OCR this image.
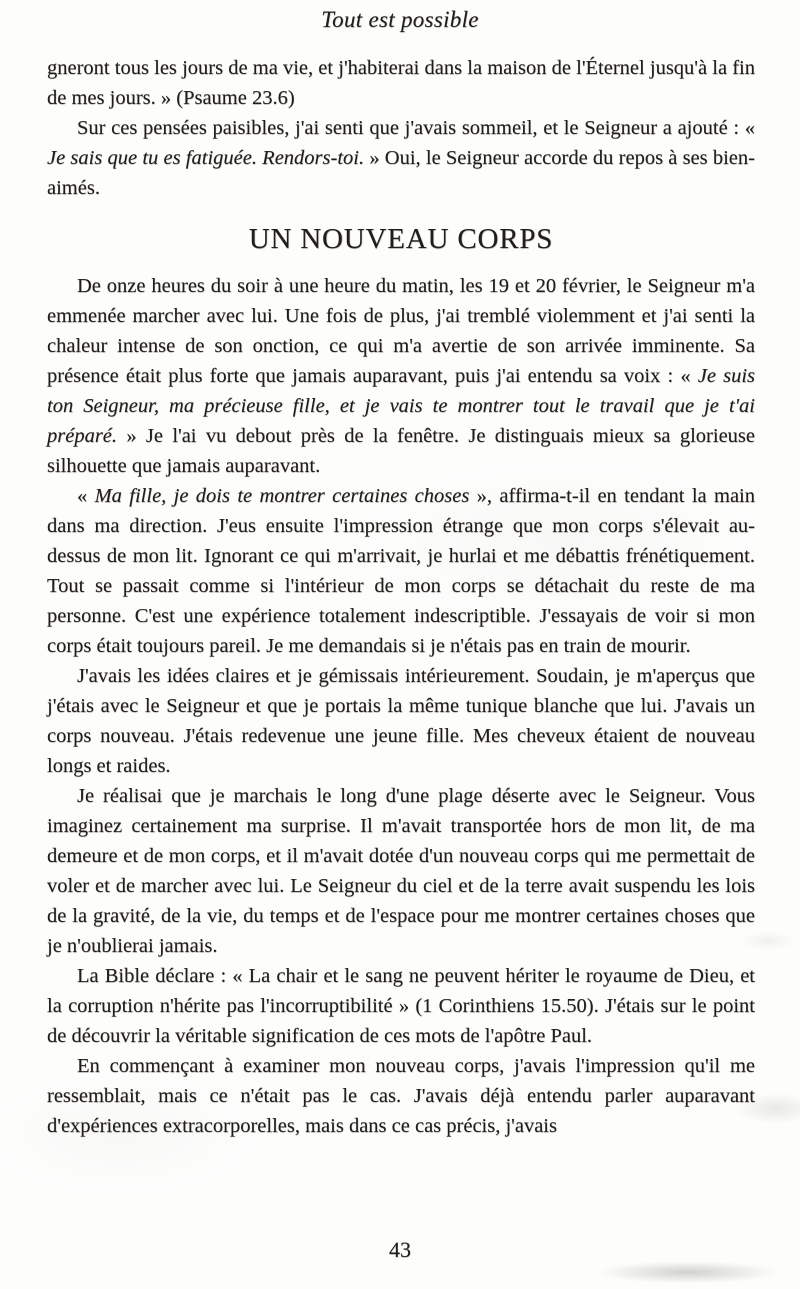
Tout est possible

gneront tous les jours de ma vie, et j'habiterai dans la maison de l'Éternel jusqu'à la fin de mes jours. » (Psaume 23.6)

Sur ces pensées paisibles, j'ai senti que j'avais sommeil, et le Seigneur a ajouté : « Je sais que tu es fatiguée. Rendors-toi. » Oui, le Seigneur accorde du repos à ses bien-aimés.

UN NOUVEAU CORPS

De onze heures du soir à une heure du matin, les 19 et 20 février, le Seigneur m'a emmenée marcher avec lui. Une fois de plus, j'ai tremblé violemment et j'ai senti la chaleur intense de son onction, ce qui m'a avertie de son arrivée imminente. Sa présence était plus forte que jamais auparavant, puis j'ai entendu sa voix : « Je suis ton Seigneur, ma précieuse fille, et je vais te montrer tout le travail que je t'ai préparé. » Je l'ai vu debout près de la fenêtre. Je distinguais mieux sa glorieuse silhouette que jamais auparavant.

« Ma fille, je dois te montrer certaines choses », affirma-t-il en tendant la main dans ma direction. J'eus ensuite l'impression étrange que mon corps s'élevait au-dessus de mon lit. Ignorant ce qui m'arrivait, je hurlai et me débattis frénétiquement. Tout se passait comme si l'intérieur de mon corps se détachait du reste de ma personne. C'est une expérience totalement indescriptible. J'essayais de voir si mon corps était toujours pareil. Je me demandais si je n'étais pas en train de mourir.

J'avais les idées claires et je gémissais intérieurement. Soudain, je m'aperçus que j'étais avec le Seigneur et que je portais la même tunique blanche que lui. J'avais un corps nouveau. J'étais redevenue une jeune fille. Mes cheveux étaient de nouveau longs et raides.

Je réalisai que je marchais le long d'une plage déserte avec le Seigneur. Vous imaginez certainement ma surprise. Il m'avait transportée hors de mon lit, de ma demeure et de mon corps, et il m'avait dotée d'un nouveau corps qui me permettait de voler et de marcher avec lui. Le Seigneur du ciel et de la terre avait suspendu les lois de la gravité, de la vie, du temps et de l'espace pour me montrer certaines choses que je n'oublierai jamais.

La Bible déclare : « La chair et le sang ne peuvent hériter le royaume de Dieu, et la corruption n'hérite pas l'incorruptibilité » (1 Corinthiens 15.50). J'étais sur le point de découvrir la véritable signification de ces mots de l'apôtre Paul.

En commençant à examiner mon nouveau corps, j'avais l'impression qu'il me ressemblait, mais ce n'était pas le cas. J'avais déjà entendu parler auparavant d'expériences extracorporelles, mais dans ce cas précis, j'avais

43
